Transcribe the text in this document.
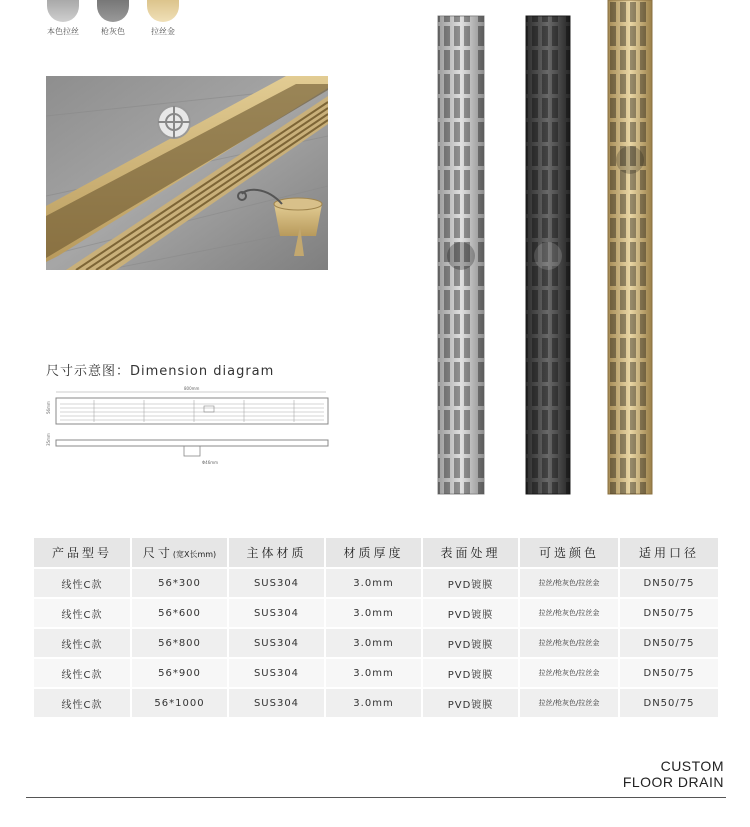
本色拉丝	枪灰色	拉丝金
尺寸示意图：Dimension diagram
800mm
56mm
35mm
Φ46mm
产品型号	尺寸(宽X长mm)	主体材质	材质厚度	表面处理	可选颜色	适用口径
线性C款	56*300	SUS304	3.0mm	PVD镀膜	拉丝/枪灰色/拉丝金	DN50/75
线性C款	56*600	SUS304	3.0mm	PVD镀膜	拉丝/枪灰色/拉丝金	DN50/75
线性C款	56*800	SUS304	3.0mm	PVD镀膜	拉丝/枪灰色/拉丝金	DN50/75
线性C款	56*900	SUS304	3.0mm	PVD镀膜	拉丝/枪灰色/拉丝金	DN50/75
线性C款	56*1000	SUS304	3.0mm	PVD镀膜	拉丝/枪灰色/拉丝金	DN50/75
CUSTOM
FLOOR DRAIN
